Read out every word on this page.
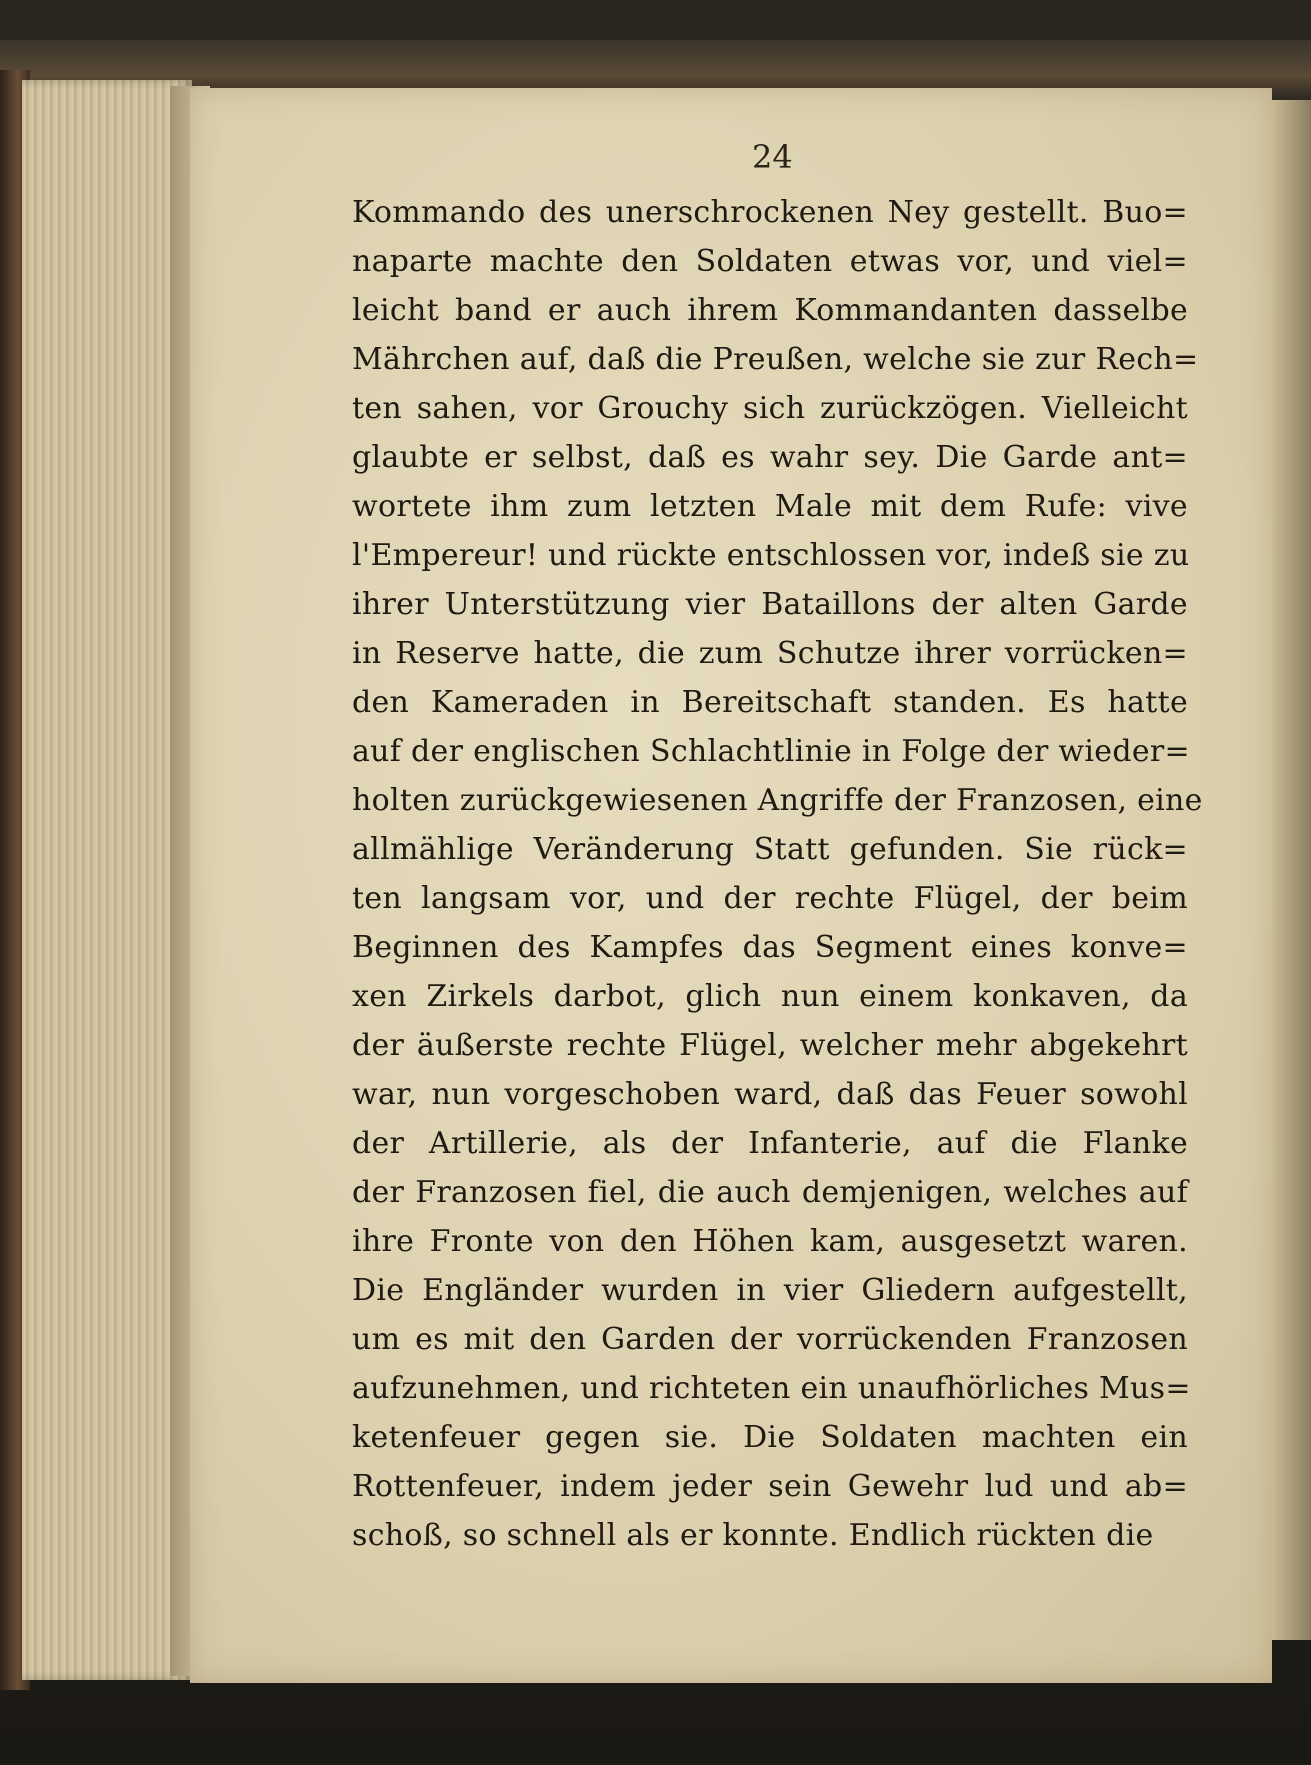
24
Kommando des unerschrockenen Ney gestellt. Buo=
naparte machte den Soldaten etwas vor, und viel=
leicht band er auch ihrem Kommandanten dasselbe
Mährchen auf, daß die Preußen, welche sie zur Rech=
ten sahen, vor Grouchy sich zurückzögen. Vielleicht
glaubte er selbst, daß es wahr sey. Die Garde ant=
wortete ihm zum letzten Male mit dem Rufe: vive
l'Empereur! und rückte entschlossen vor, indeß sie zu
ihrer Unterstützung vier Bataillons der alten Garde
in Reserve hatte, die zum Schutze ihrer vorrücken=
den Kameraden in Bereitschaft standen. Es hatte
auf der englischen Schlachtlinie in Folge der wieder=
holten zurückgewiesenen Angriffe der Franzosen, eine
allmählige Veränderung Statt gefunden. Sie rück=
ten langsam vor, und der rechte Flügel, der beim
Beginnen des Kampfes das Segment eines konve=
xen Zirkels darbot, glich nun einem konkaven, da
der äußerste rechte Flügel, welcher mehr abgekehrt
war, nun vorgeschoben ward, daß das Feuer sowohl
der Artillerie, als der Infanterie, auf die Flanke
der Franzosen fiel, die auch demjenigen, welches auf
ihre Fronte von den Höhen kam, ausgesetzt waren.
Die Engländer wurden in vier Gliedern aufgestellt,
um es mit den Garden der vorrückenden Franzosen
aufzunehmen, und richteten ein unaufhörliches Mus=
ketenfeuer gegen sie. Die Soldaten machten ein
Rottenfeuer, indem jeder sein Gewehr lud und ab=
schoß, so schnell als er konnte. Endlich rückten die
